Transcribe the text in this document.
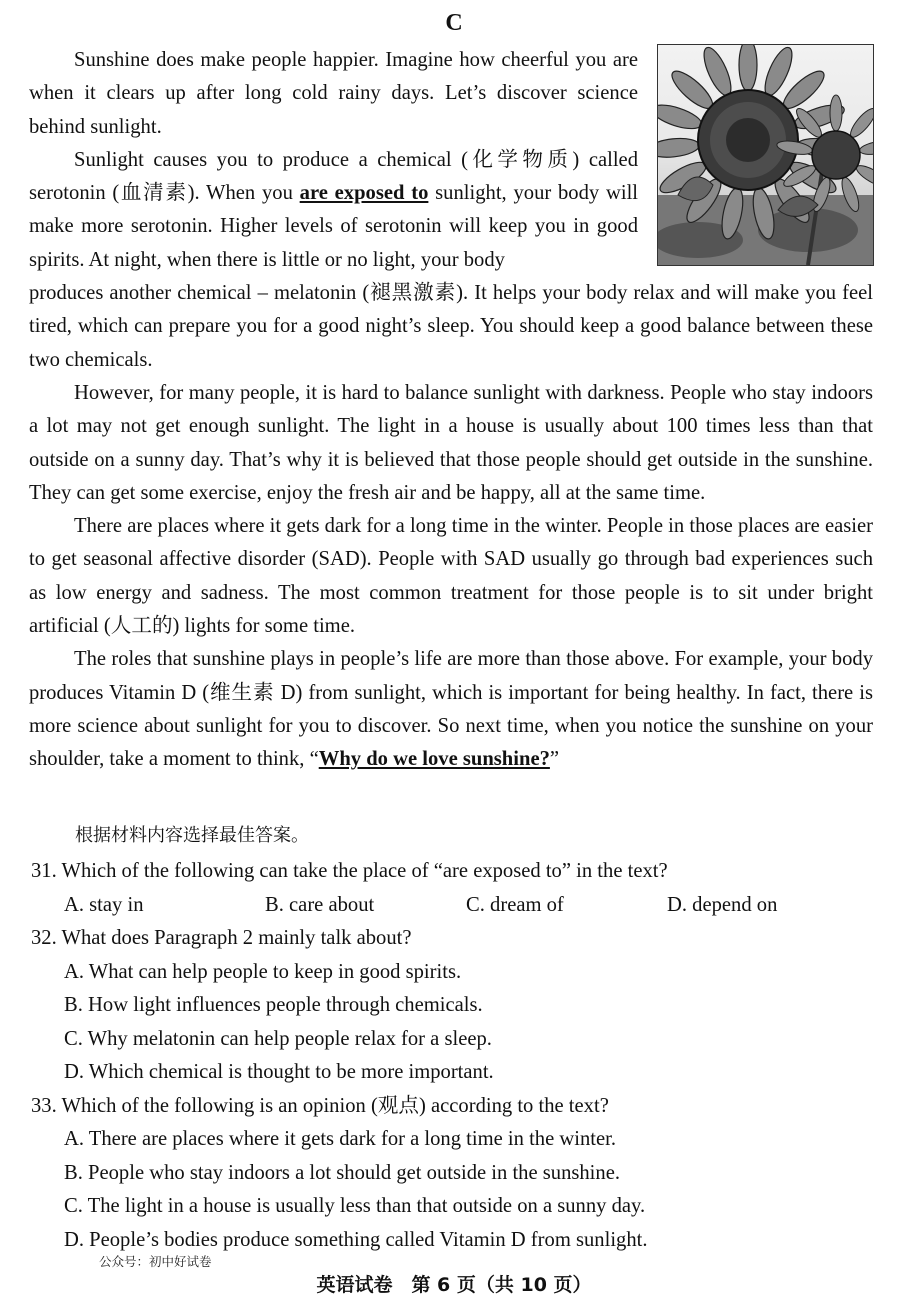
C

Sunshine does make people happier. Imagine how cheerful you are when it clears up after long cold rainy days. Let’s discover science behind sunlight.

Sunlight causes you to produce a chemical (化学物质) called serotonin (血清素). When you are exposed to sunlight, your body will make more serotonin. Higher levels of serotonin will keep you in good spirits. At night, when there is little or no light, your body

produces another chemical – melatonin (褪黑激素). It helps your body relax and will make you feel tired, which can prepare you for a good night’s sleep. You should keep a good balance between these two chemicals.

However, for many people, it is hard to balance sunlight with darkness. People who stay indoors a lot may not get enough sunlight. The light in a house is usually about 100 times less than that outside on a sunny day. That’s why it is believed that those people should get outside in the sunshine. They can get some exercise, enjoy the fresh air and be happy, all at the same time.

There are places where it gets dark for a long time in the winter. People in those places are easier to get seasonal affective disorder (SAD). People with SAD usually go through bad experiences such as low energy and sadness. The most common treatment for those people is to sit under bright artificial (人工的) lights for some time.

The roles that sunshine plays in people’s life are more than those above. For example, your body produces Vitamin D (维生素 D) from sunlight, which is important for being healthy. In fact, there is more science about sunlight for you to discover. So next time, when you notice the sunshine on your shoulder, take a moment to think, “Why do we love sunshine?”

根据材料内容选择最佳答案。

31. Which of the following can take the place of “are exposed to” in the text?

A. stay in	B. care about	C. dream of	D. depend on

32. What does Paragraph 2 mainly talk about?

A. What can help people to keep in good spirits.

B. How light influences people through chemicals.

C. Why melatonin can help people relax for a sleep.

D. Which chemical is thought to be more important.

33. Which of the following is an opinion (观点) according to the text?

A. There are places where it gets dark for a long time in the winter.

B. People who stay indoors a lot should get outside in the sunshine.

C. The light in a house is usually less than that outside on a sunny day.

D. People’s bodies produce something called Vitamin D from sunlight.

公众号：初中好试卷
英语试卷　第 6 页（共 10 页）
